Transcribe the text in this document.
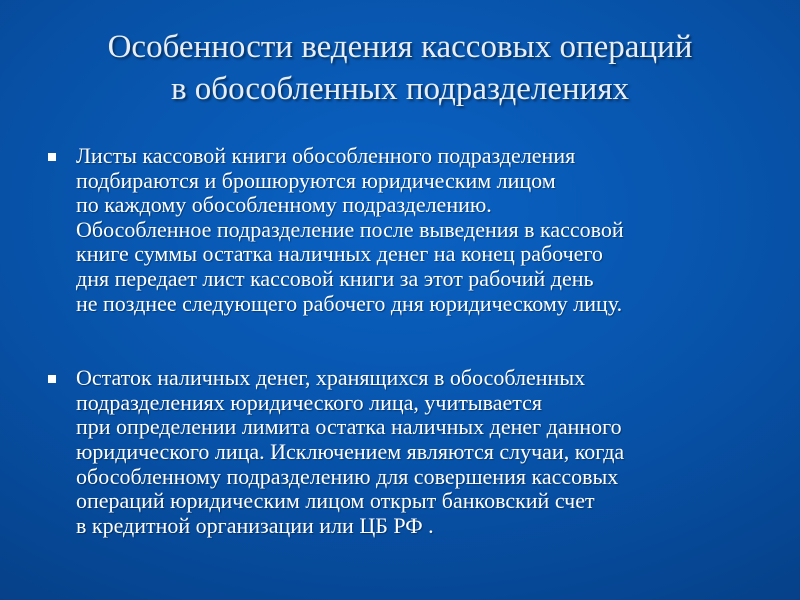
Особенности ведения кассовых операций
в обособленных подразделениях
Листы кассовой книги обособленного подразделения
подбираются и брошюруются юридическим лицом
по каждому обособленному подразделению.
Обособленное подразделение после выведения в кассовой
книге суммы остатка наличных денег на конец рабочего
дня передает лист кассовой книги за этот рабочий день
не позднее следующего рабочего дня юридическому лицу.
Остаток наличных денег, хранящихся в обособленных
подразделениях юридического лица, учитывается
при определении лимита остатка наличных денег данного
юридического лица. Исключением являются случаи, когда
обособленному подразделению для совершения кассовых
операций юридическим лицом открыт банковский счет
в кредитной организации или ЦБ РФ .
